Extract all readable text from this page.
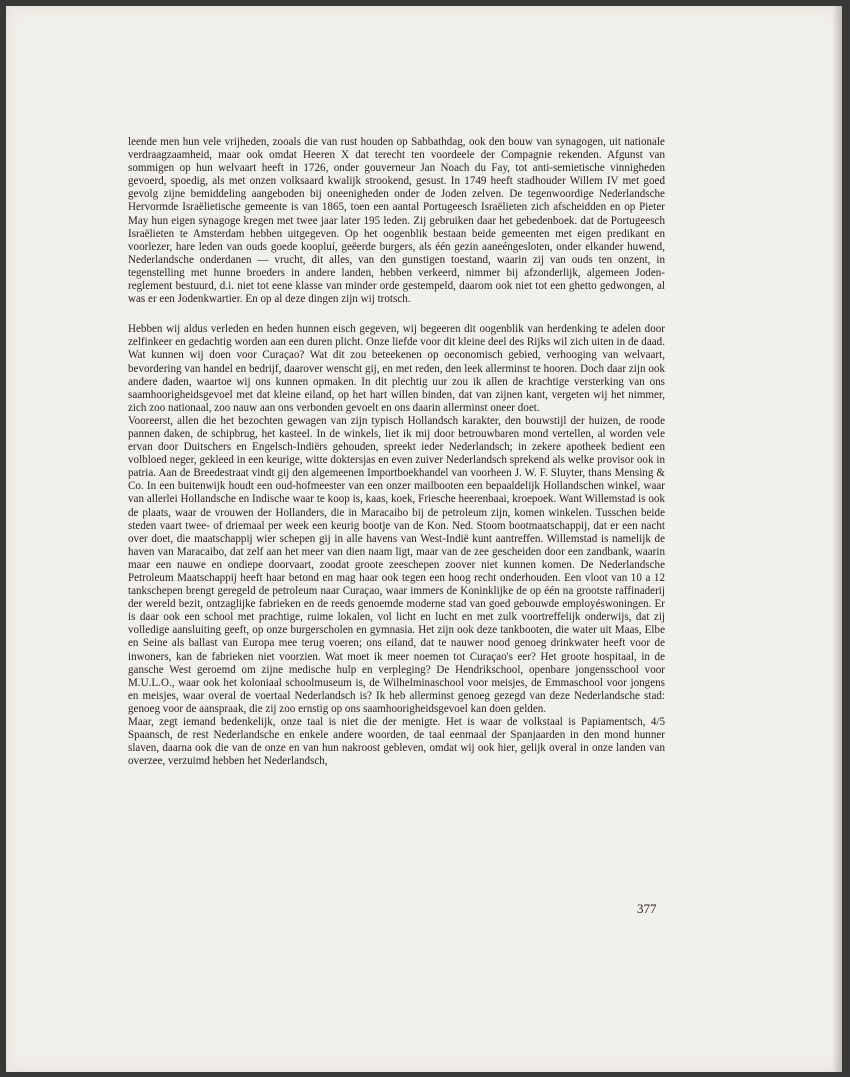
leende men hun vele vrijheden, zooals die van rust houden op Sabbathdag, ook den bouw van synagogen, uit nationale verdraagzaamheid, maar ook omdat Heeren X dat terecht ten voordeele der Compagnie rekenden. Afgunst van sommigen op hun welvaart heeft in 1726, onder gouverneur Jan Noach du Fay, tot anti-semietische vinnigheden gevoerd, spoedig, als met onzen volksaard kwalijk strookend, gesust. In 1749 heeft stadhouder Willem IV met goed gevolg zijne bemiddeling aangeboden bij oneenigheden onder de Joden zelven. De tegenwoordige Nederlandsche Hervormde Israëlietische gemeente is van 1865, toen een aantal Portugeesch Israëlieten zich afscheidden en op Pieter May hun eigen synagoge kregen met twee jaar later 195 leden. Zij gebruiken daar het gebedenboek. dat de Portugeesch Israëlieten te Amsterdam hebben uitgegeven. Op het oogenblik bestaan beide gemeenten met eigen predikant en voorlezer, hare leden van ouds goede koopluí, geëerde burgers, als één gezin aaneéngesloten, onder elkander huwend, Nederlandsche onderdanen — vrucht, dit alles, van den gunstigen toestand, waarin zij van ouds ten onzent, in tegenstelling met hunne broeders in andere landen, hebben verkeerd, nimmer bij afzonderlijk, algemeen Joden-reglement bestuurd, d.i. niet tot eene klasse van minder orde gestempeld, daarom ook niet tot een ghetto gedwongen, al was er een Jodenkwartier. En op al deze dingen zijn wij trotsch.

Hebben wij aldus verleden en heden hunnen eisch gegeven, wij begeeren dit oogenblik van herdenking te adelen door zelfinkeer en gedachtig worden aan een duren plicht. Onze liefde voor dit kleine deel des Rijks wil zich uiten in de daad. Wat kunnen wij doen voor Curaçao? Wat dit zou beteekenen op oeconomisch gebied, verhooging van welvaart, bevordering van handel en bedrijf, daarover wenscht gij, en met reden, den leek allerminst te hooren. Doch daar zijn ook andere daden, waartoe wij ons kunnen opmaken. In dit plechtig uur zou ik allen de krachtige versterking van ons saamhoorigheidsgevoel met dat kleine eiland, op het hart willen binden, dat van zijnen kant, vergeten wij het nimmer, zich zoo nationaal, zoo nauw aan ons verbonden gevoelt en ons daarin allerminst oneer doet.

Vooreerst, allen die het bezochten gewagen van zijn typisch Hollandsch karakter, den bouwstijl der huizen, de roode pannen daken, de schipbrug, het kasteel. In de winkels, liet ik mij door betrouwbaren mond vertellen, al worden vele ervan door Duitschers en Engelsch-Indiërs gehouden, spreekt ieder Nederlandsch; in zekere apotheek bedient een volbloed neger, gekleed in een keurige, witte doktersjas en even zuiver Nederlandsch sprekend als welke provisor ook in patria. Aan de Breedestraat vindt gij den algemeenen Importboekhandel van voorheen J. W. F. Sluyter, thans Mensing & Co. In een buitenwijk houdt een oud-hofmeester van een onzer mailbooten een bepaaldelijk Hollandschen winkel, waar van allerlei Hollandsche en Indische waar te koop is, kaas, koek, Friesche heerenbaai, kroepoek. Want Willemstad is ook de plaats, waar de vrouwen der Hollanders, die in Maracaibo bij de petroleum zijn, komen winkelen. Tusschen beide steden vaart twee- of driemaal per week een keurig bootje van de Kon. Ned. Stoom bootmaatschappij, dat er een nacht over doet, die maatschappij wier schepen gij in alle havens van West-Indië kunt aantreffen. Willemstad is namelijk de haven van Maracaibo, dat zelf aan het meer van dien naam ligt, maar van de zee gescheiden door een zandbank, waarin maar een nauwe en ondiepe doorvaart, zoodat groote zeeschepen zoover niet kunnen komen. De Nederlandsche Petroleum Maatschappij heeft haar betond en mag haar ook tegen een hoog recht onderhouden. Een vloot van 10 a 12 tankschepen brengt geregeld de petroleum naar Curaçao, waar immers de Koninklijke de op één na grootste raffinaderij der wereld bezit, ontzaglijke fabrieken en de reeds genoemde moderne stad van goed gebouwde employéswoningen. Er is daar ook een school met prachtige, ruime lokalen, vol licht en lucht en met zulk voortreffelijk onderwijs, dat zij volledige aansluiting geeft, op onze burgerscholen en gymnasia. Het zijn ook deze tankbooten, die water uit Maas, Elbe en Seine als ballast van Europa mee terug voeren; ons eiland, dat te nauwer nood genoeg drinkwater heeft voor de inwoners, kan de fabrieken niet voorzien. Wat moet ik meer noemen tot Curaçao's eer? Het groote hospitaal, in de gansche West geroemd om zijne medische hulp en verpleging? De Hendrikschool, openbare jongensschool voor M.U.L.O., waar ook het koloniaal schoolmuseum is, de Wilhelminaschool voor meisjes, de Emmaschool voor jongens en meisjes, waar overal de voertaal Nederlandsch is? Ik heb allerminst genoeg gezegd van deze Nederlandsche stad: genoeg voor de aanspraak, die zij zoo ernstig op ons saamhoorigheidsgevoel kan doen gelden.

Maar, zegt iemand bedenkelijk, onze taal is niet die der menigte. Het is waar de volkstaal is Papiamentsch, 4/5 Spaansch, de rest Nederlandsche en enkele andere woorden, de taal eenmaal der Spanjaarden in den mond hunner slaven, daarna ook die van de onze en van hun nakroost gebleven, omdat wij ook hier, gelijk overal in onze landen van overzee, verzuimd hebben het Nederlandsch,

377
